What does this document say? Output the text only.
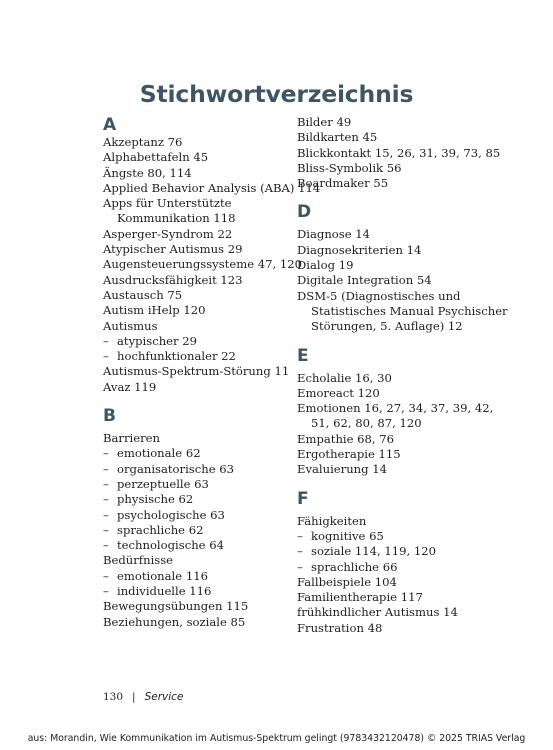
Stichwortverzeichnis
A
Akzeptanz 76
Alphabettafeln 45
Ängste 80, 114
Applied Behavior Analysis (ABA) 114
Apps für Unterstützte Kommunikation 118
Asperger-Syndrom 22
Atypischer Autismus 29
Augensteuerungssysteme 47, 120
Ausdrucksfähigkeit 123
Austausch 75
Autism iHelp 120
Autismus
– atypischer 29
– hochfunktionaler 22
Autismus-Spektrum-Störung 11
Avaz 119
B
Barrieren
– emotionale 62
– organisatorische 63
– perzeptuelle 63
– physische 62
– psychologische 63
– sprachliche 62
– technologische 64
Bedürfnisse
– emotionale 116
– individuelle 116
Bewegungsübungen 115
Beziehungen, soziale 85
Bilder 49
Bildkarten 45
Blickkontakt 15, 26, 31, 39, 73, 85
Bliss-Symbolik 56
Boardmaker 55
D
Diagnose 14
Diagnosekriterien 14
Dialog 19
Digitale Integration 54
DSM-5 (Diagnostisches und Statistisches Manual Psychischer Störungen, 5. Auflage) 12
E
Echolalie 16, 30
Emoreact 120
Emotionen 16, 27, 34, 37, 39, 42, 51, 62, 80, 87, 120
Empathie 68, 76
Ergotherapie 115
Evaluierung 14
F
Fähigkeiten
– kognitive 65
– soziale 114, 119, 120
– sprachliche 66
Fallbeispiele 104
Familientherapie 117
frühkindlicher Autismus 14
Frustration 48
130 | Service
aus: Morandin, Wie Kommunikation im Autismus-Spektrum gelingt (9783432120478) © 2025 TRIAS Verlag
